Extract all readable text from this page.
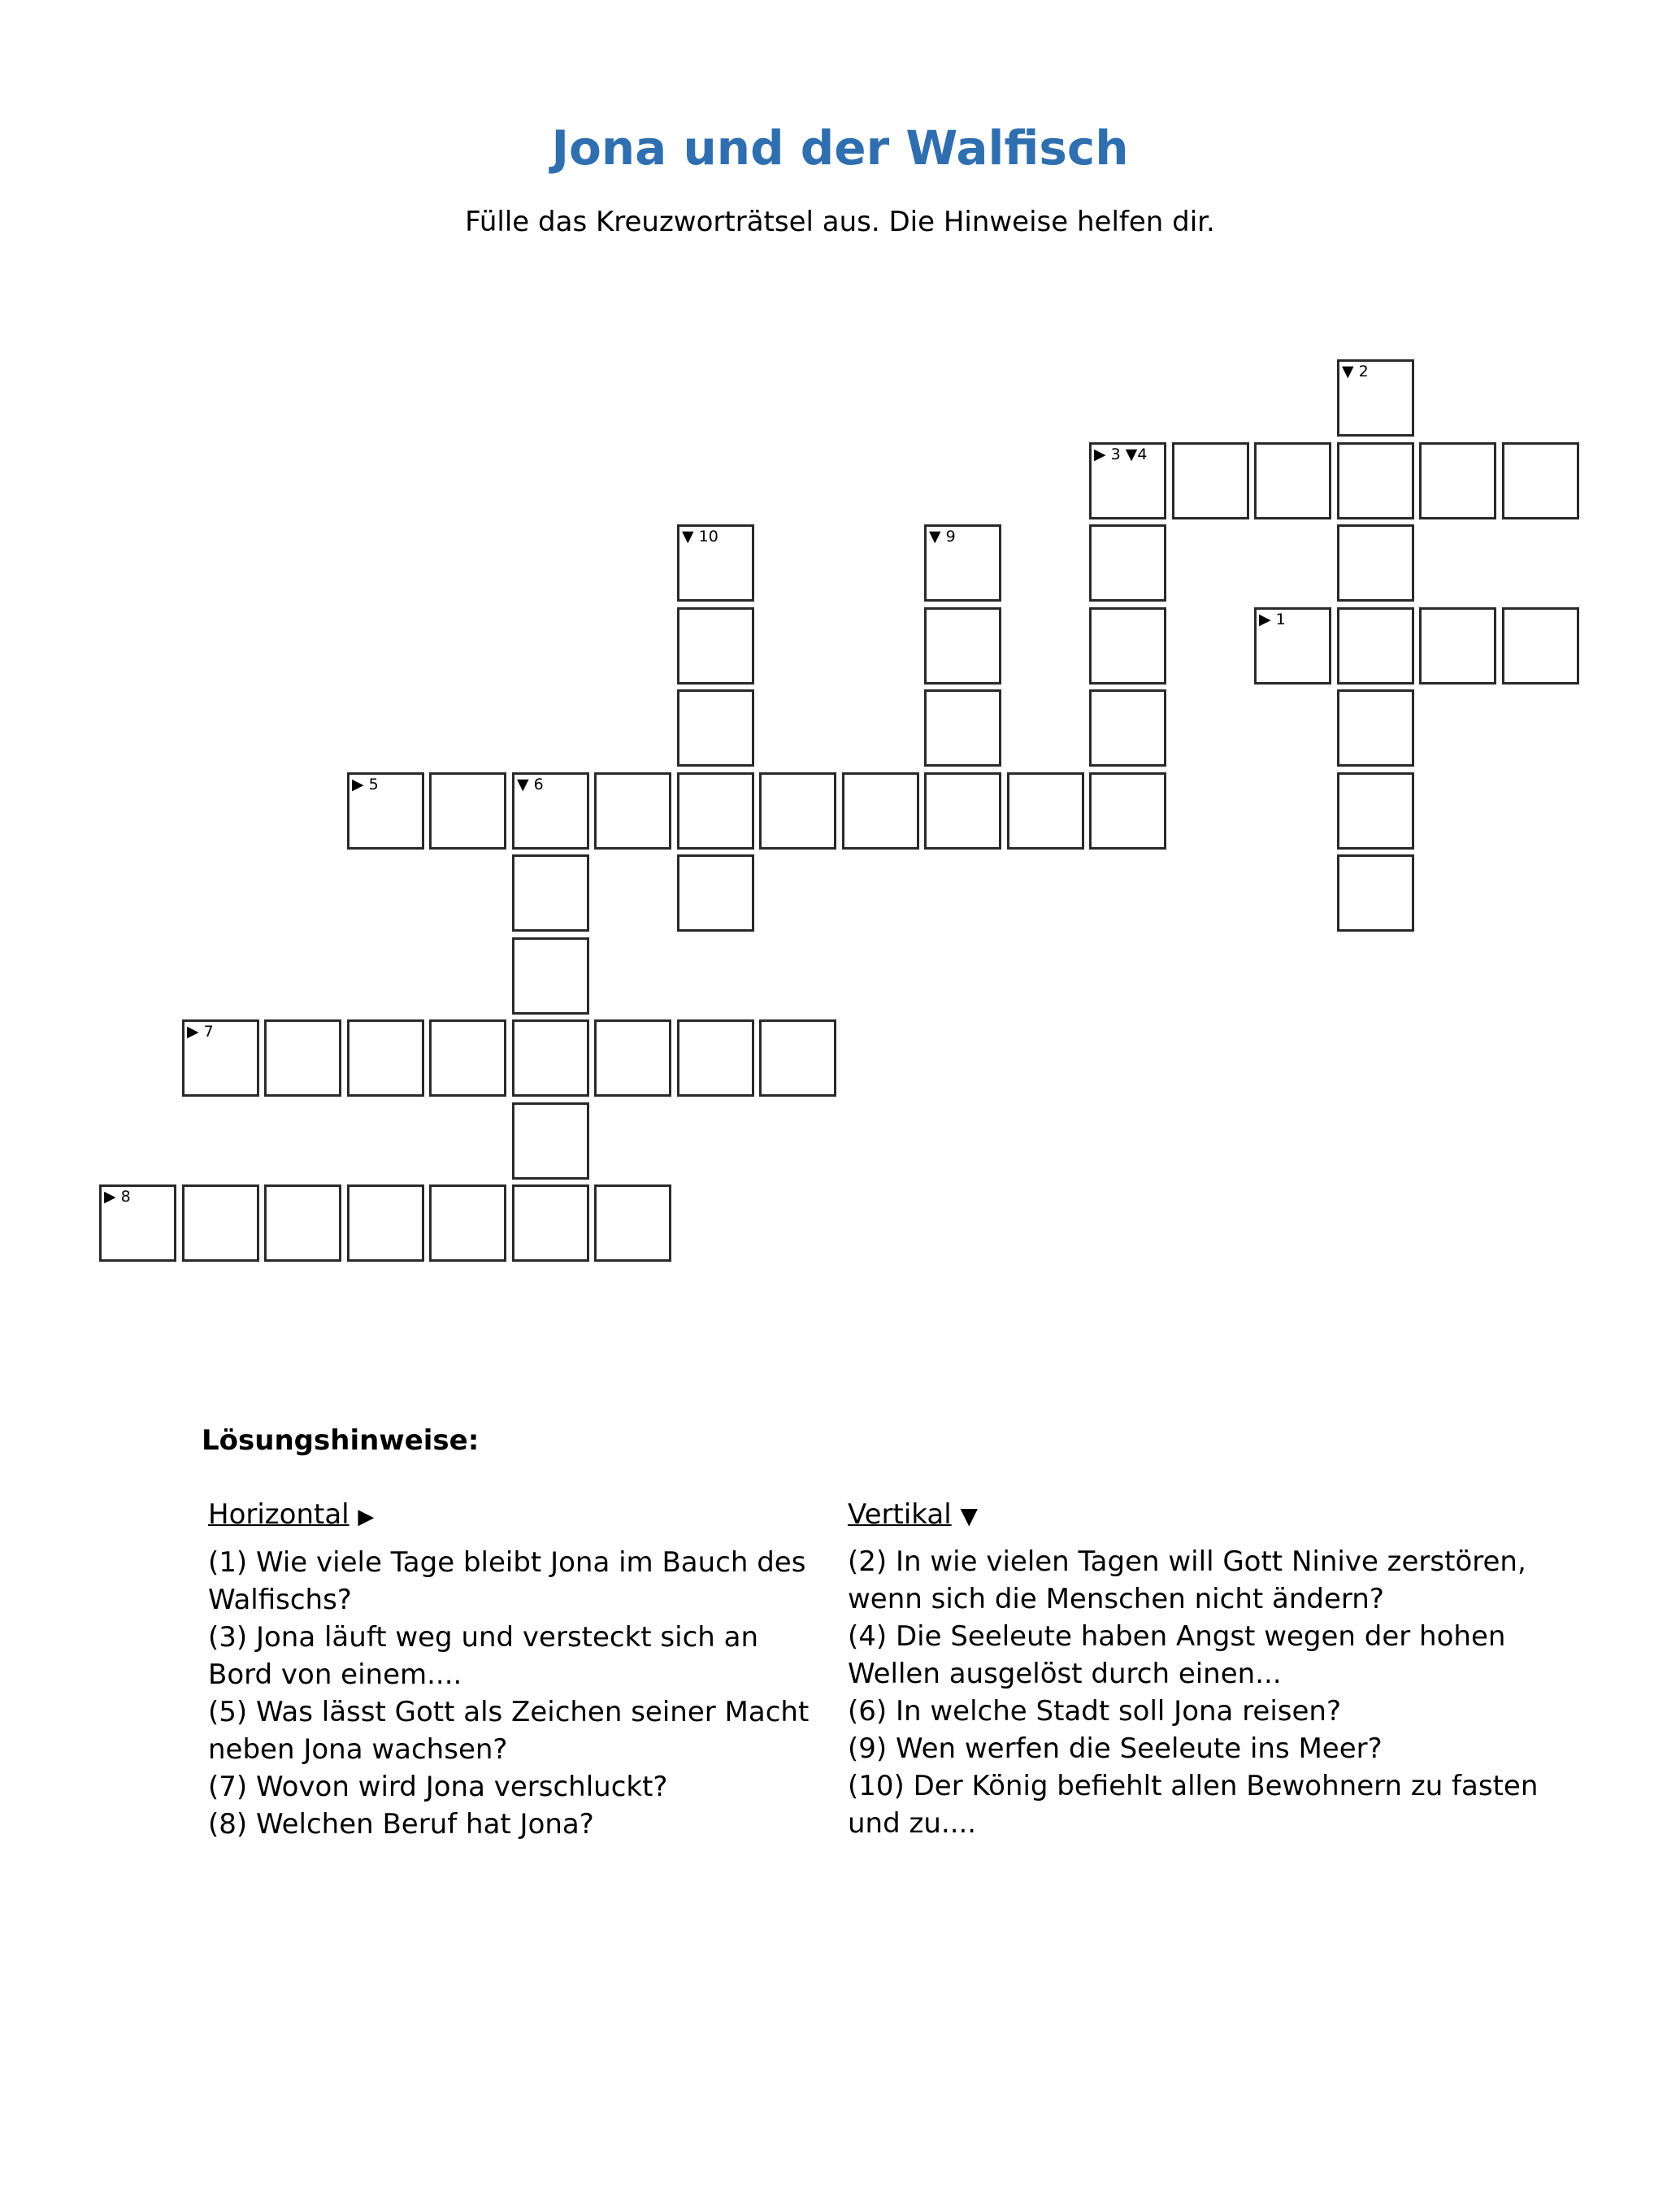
Jona und der Walfisch

Fülle das Kreuzworträtsel aus. Die Hinweise helfen dir.

▼ 2
▶ 3 ▼4
▼ 10	▼ 9
▶ 1
▶ 5	▼ 6
▶ 7
▶ 8
Lösungshinweise:
Horizontal ▶
(1) Wie viele Tage bleibt Jona im Bauch des
Walfischs?
(3) Jona läuft weg und versteckt sich an
Bord von einem....
(5) Was lässt Gott als Zeichen seiner Macht
neben Jona wachsen?
(7) Wovon wird Jona verschluckt?
(8) Welchen Beruf hat Jona?
Vertikal ▼
(2) In wie vielen Tagen will Gott Ninive zerstören,
wenn sich die Menschen nicht ändern?
(4) Die Seeleute haben Angst wegen der hohen
Wellen ausgelöst durch einen...
(6) In welche Stadt soll Jona reisen?
(9) Wen werfen die Seeleute ins Meer?
(10) Der König befiehlt allen Bewohnern zu fasten
und zu....
